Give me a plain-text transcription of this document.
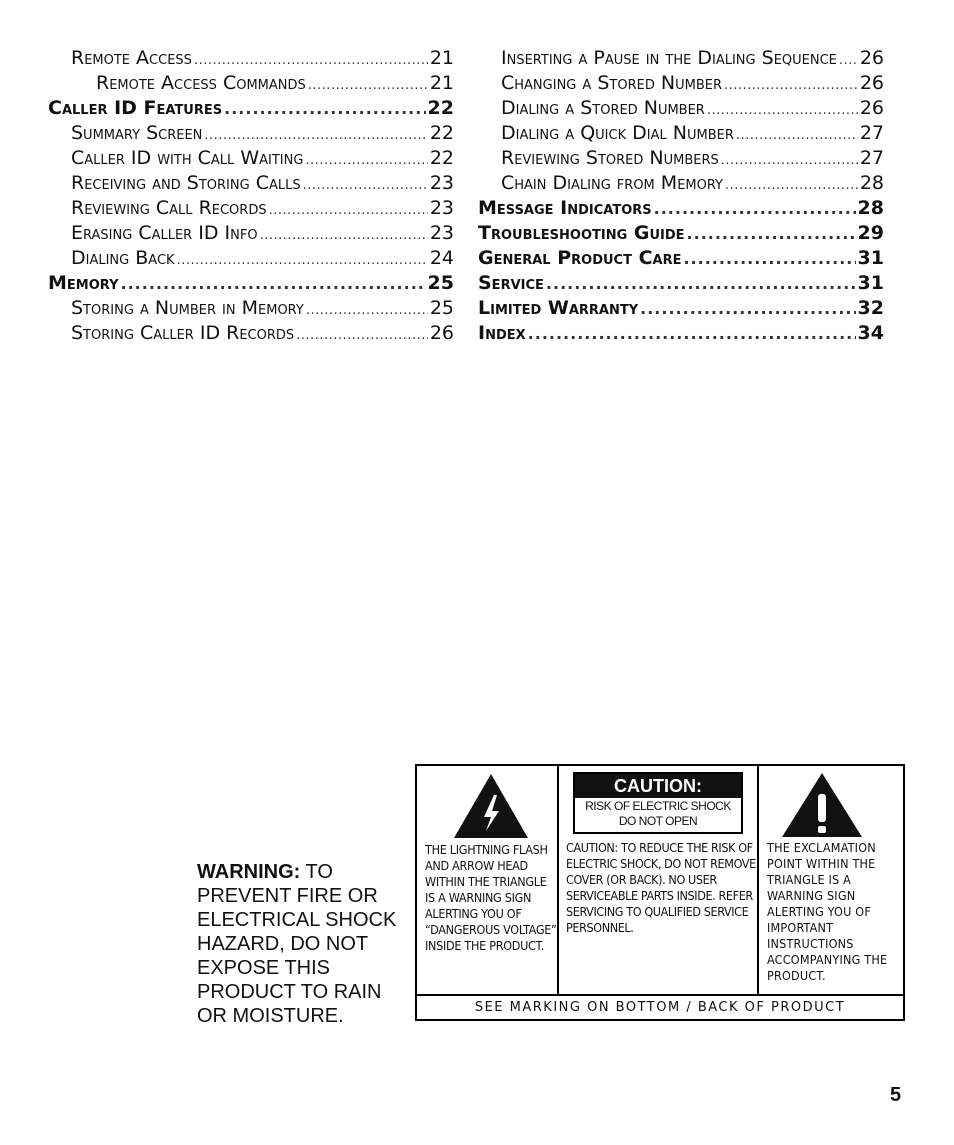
Remote Access .....	21
Remote Access Commands .....	21
Caller ID Features .....	22
Summary Screen .....	22
Caller ID with Call Waiting .....	22
Receiving and Storing Calls .....	23
Reviewing Call Records .....	23
Erasing Caller ID Info .....	23
Dialing Back .....	24
Memory .....	25
Storing a Number in Memory .....	25
Storing Caller ID Records .....	26
Inserting a Pause in the Dialing Sequence ..... 26
Changing a Stored Number .....	26
Dialing a Stored Number .....	26
Dialing a Quick Dial Number .....	27
Reviewing Stored Numbers .....	27
Chain Dialing from Memory .....	28
Message Indicators .....	28
Troubleshooting Guide .....	29
General Product Care .....	31
Service .....	31
Limited Warranty .....	32
Index .....	34
WARNING: TO PREVENT FIRE OR ELECTRICAL SHOCK HAZARD, DO NOT EXPOSE THIS PRODUCT TO RAIN OR MOISTURE.
THE LIGHTNING FLASH AND ARROW HEAD WITHIN THE TRIANGLE IS A WARNING SIGN ALERTING YOU OF “DANGEROUS VOLTAGE” INSIDE THE PRODUCT.
CAUTION:
RISK OF ELECTRIC SHOCK
DO NOT OPEN
CAUTION: TO REDUCE THE RISK OF ELECTRIC SHOCK, DO NOT REMOVE COVER (OR BACK). NO USER SERVICEABLE PARTS INSIDE. REFER SERVICING TO QUALIFIED SERVICE PERSONNEL.
THE EXCLAMATION POINT WITHIN THE TRIANGLE IS A WARNING SIGN ALERTING YOU OF IMPORTANT INSTRUCTIONS ACCOMPANYING THE PRODUCT.
SEE MARKING ON BOTTOM / BACK OF PRODUCT
5
